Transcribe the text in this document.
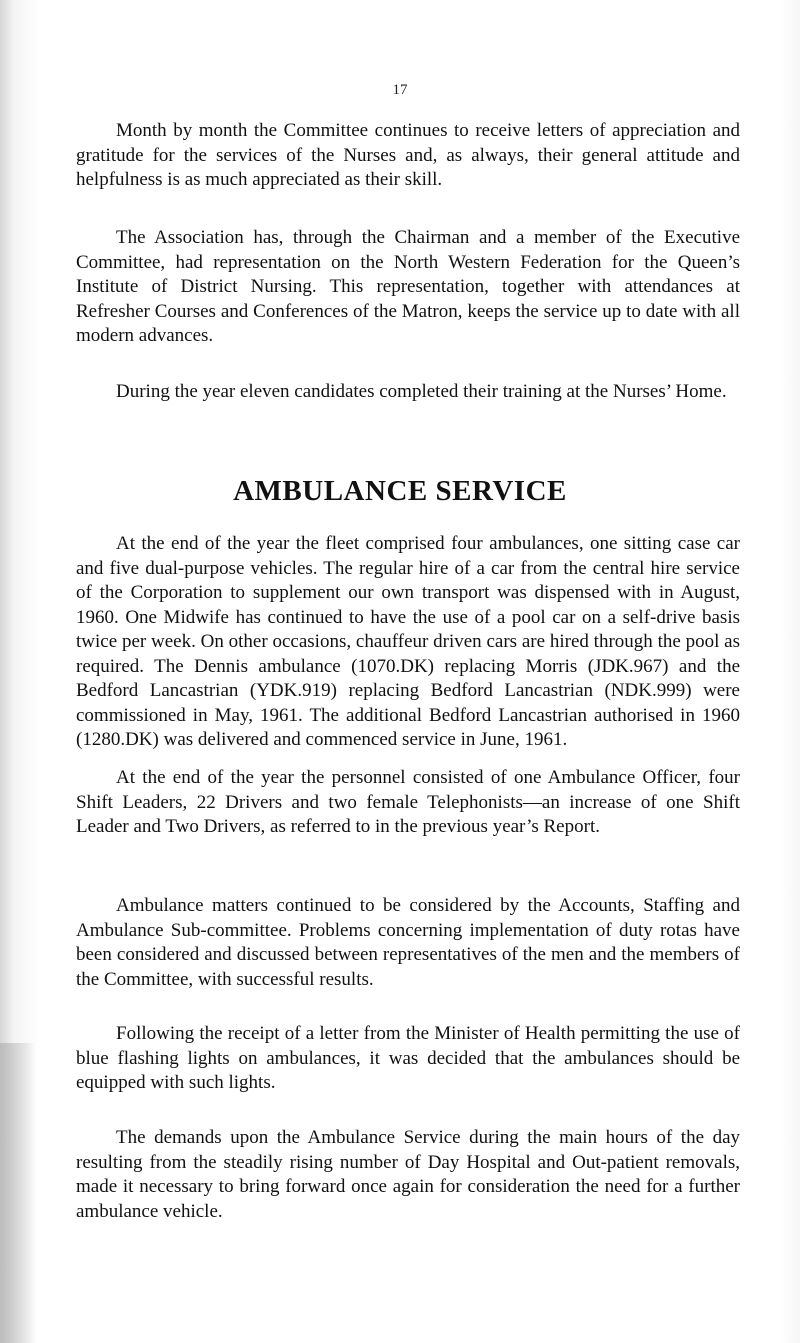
17

Month by month the Committee continues to receive letters of appreciation and gratitude for the services of the Nurses and, as always, their general attitude and helpfulness is as much appreciated as their skill.

The Association has, through the Chairman and a member of the Executive Committee, had representation on the North Western Federation for the Queen’s Institute of District Nursing. This representation, together with attendances at Refresher Courses and Conferences of the Matron, keeps the service up to date with all modern advances.

During the year eleven candidates completed their training at the Nurses’ Home.

AMBULANCE SERVICE

At the end of the year the fleet comprised four ambulances, one sitting case car and five dual-purpose vehicles. The regular hire of a car from the central hire service of the Corporation to supplement our own transport was dispensed with in August, 1960. One Midwife has continued to have the use of a pool car on a self-drive basis twice per week. On other occasions, chauffeur driven cars are hired through the pool as required. The Dennis ambulance (1070.DK) replacing Morris (JDK.967) and the Bedford Lancastrian (YDK.919) replacing Bedford Lancastrian (NDK.999) were commissioned in May, 1961. The additional Bedford Lancastrian authorised in 1960 (1280.DK) was delivered and commenced service in June, 1961.

At the end of the year the personnel consisted of one Ambulance Officer, four Shift Leaders, 22 Drivers and two female Telephonists—an increase of one Shift Leader and Two Drivers, as referred to in the previous year’s Report.

Ambulance matters continued to be considered by the Accounts, Staffing and Ambulance Sub-committee. Problems concerning implementation of duty rotas have been considered and discussed between representatives of the men and the members of the Committee, with successful results.

Following the receipt of a letter from the Minister of Health permitting the use of blue flashing lights on ambulances, it was decided that the ambulances should be equipped with such lights.

The demands upon the Ambulance Service during the main hours of the day resulting from the steadily rising number of Day Hospital and Out-patient removals, made it necessary to bring forward once again for consideration the need for a further ambulance vehicle.
